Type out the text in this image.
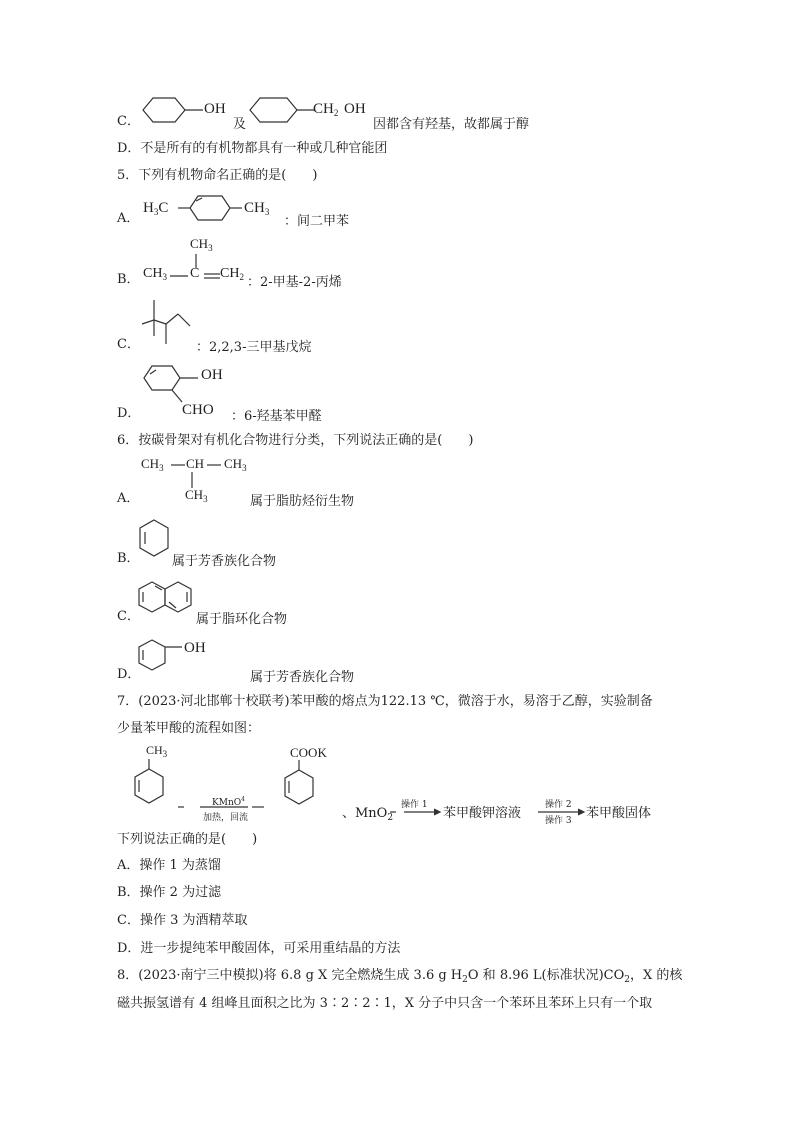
C．
OH
及
$CH_2$ OH
因都含有羟基，故都属于醇
D．不是所有的有机物都具有一种或几种官能团
5．下列有机物命名正确的是(　　)
A．
$H_3C$	$CH_3$
：间二甲苯
B．
$CH_3$
$CH_3$ C $CH_2$ ：2-甲基-2-丙烯
C．	：2,2,3-三甲基戊烷
D．
OH
CHO ：6-羟基苯甲醛
6．按碳骨架对有机化合物进行分类，下列说法正确的是(　　)
$CH_3$ CH $CH_3$
A．	$CH_3$	属于脂肪烃衍生物
B． 属于芳香族化合物
C．	属于脂环化合物
D．
OH
属于芳香族化合物
7．(2023·河北邯郸十校联考)苯甲酸的熔点为122.13 ℃，微溶于水，易溶于乙醇，实验制备
少量苯甲酸的流程如图：
$CH_3$
KMnO$^4$
加热，回流
COOK
、MnO$_2$
操作 1
苯甲酸钾溶液
操作 2
操作 3 苯甲酸固体
下列说法正确的是(　　)
A．操作 1 为蒸馏
B．操作 2 为过滤
C．操作 3 为酒精萃取
D．进一步提纯苯甲酸固体，可采用重结晶的方法
8．(2023·南宁三中模拟)将 6.8 g X 完全燃烧生成 3.6 g $H_2O$ 和 8.96 L(标准状况)$CO_2$，X 的核
磁共振氢谱有 4 组峰且面积之比为 3∶2∶2∶1，X 分子中只含一个苯环且苯环上只有一个取
